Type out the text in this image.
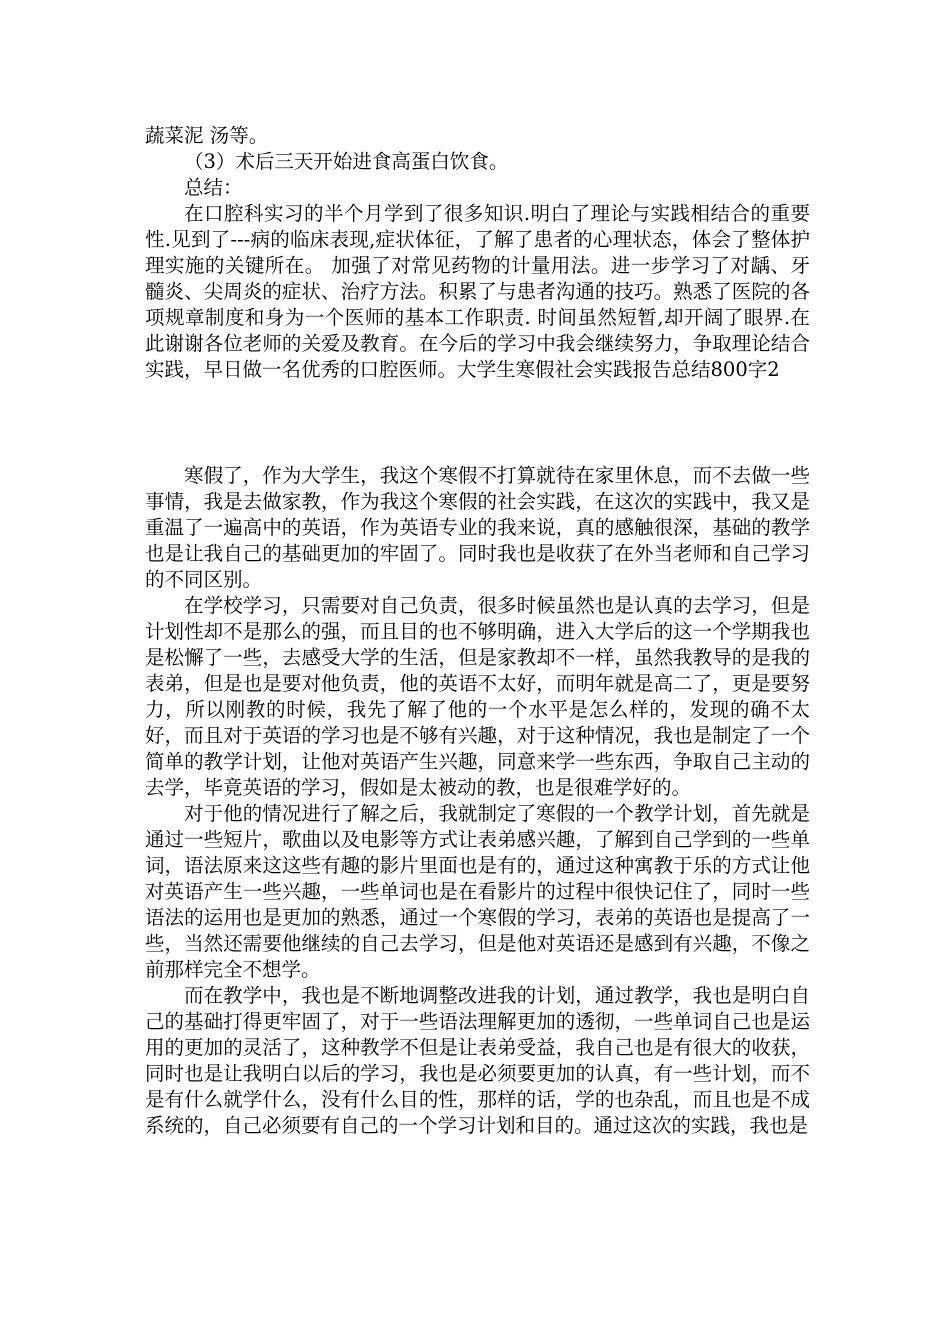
蔬菜泥 汤等。

（3）术后三天开始进食高蛋白饮食。

总结：

在口腔科实习的半个月学到了很多知识.明白了理论与实践相结合的重要性.见到了---病的临床表现,症状体征，了解了患者的心理状态，体会了整体护理实施的关键所在。 加强了对常见药物的计量用法。进一步学习了对龋、牙髓炎、尖周炎的症状、治疗方法。积累了与患者沟通的技巧。熟悉了医院的各项规章制度和身为一个医师的基本工作职责. 时间虽然短暂,却开阔了眼界.在此谢谢各位老师的关爱及教育。在今后的学习中我会继续努力，争取理论结合实践，早日做一名优秀的口腔医师。大学生寒假社会实践报告总结800字2

寒假了，作为大学生，我这个寒假不打算就待在家里休息，而不去做一些事情，我是去做家教，作为我这个寒假的社会实践，在这次的实践中，我又是重温了一遍高中的英语，作为英语专业的我来说，真的感触很深，基础的教学也是让我自己的基础更加的牢固了。同时我也是收获了在外当老师和自己学习的不同区别。

在学校学习，只需要对自己负责，很多时候虽然也是认真的去学习，但是计划性却不是那么的强，而且目的也不够明确，进入大学后的这一个学期我也是松懈了一些，去感受大学的生活，但是家教却不一样，虽然我教导的是我的表弟，但是也是要对他负责，他的英语不太好，而明年就是高二了，更是要努力，所以刚教的时候，我先了解了他的一个水平是怎么样的，发现的确不太好，而且对于英语的学习也是不够有兴趣，对于这种情况，我也是制定了一个简单的教学计划，让他对英语产生兴趣，同意来学一些东西，争取自己主动的去学，毕竟英语的学习，假如是太被动的教，也是很难学好的。

对于他的情况进行了解之后，我就制定了寒假的一个教学计划，首先就是通过一些短片，歌曲以及电影等方式让表弟感兴趣，了解到自己学到的一些单词，语法原来这这些有趣的影片里面也是有的，通过这种寓教于乐的方式让他对英语产生一些兴趣，一些单词也是在看影片的过程中很快记住了，同时一些语法的运用也是更加的熟悉，通过一个寒假的学习，表弟的英语也是提高了一些，当然还需要他继续的自己去学习，但是他对英语还是感到有兴趣，不像之前那样完全不想学。

而在教学中，我也是不断地调整改进我的计划，通过教学，我也是明白自己的基础打得更牢固了，对于一些语法理解更加的透彻，一些单词自己也是运用的更加的灵活了，这种教学不但是让表弟受益，我自己也是有很大的收获，同时也是让我明白以后的学习，我也是必须要更加的认真，有一些计划，而不是有什么就学什么，没有什么目的性，那样的话，学的也杂乱，而且也是不成系统的，自己必须要有自己的一个学习计划和目的。通过这次的实践，我也是
